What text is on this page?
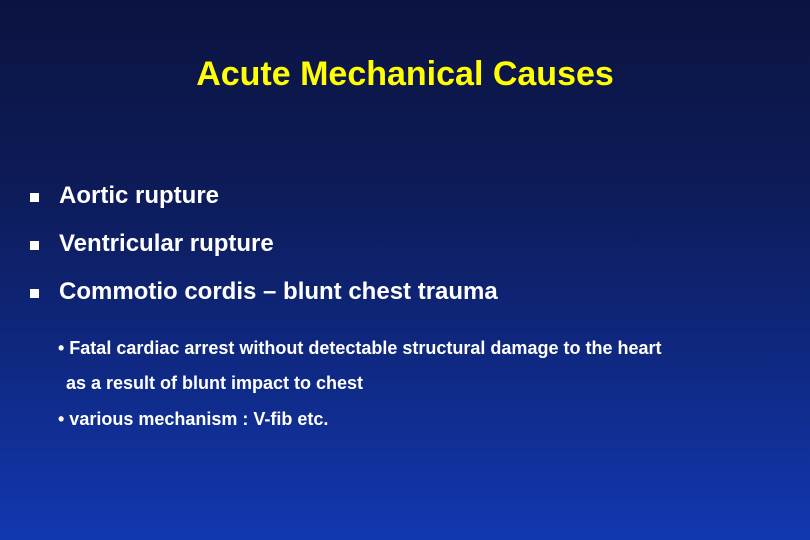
Acute Mechanical Causes
Aortic rupture
Ventricular rupture
Commotio cordis – blunt chest trauma

• Fatal cardiac arrest without detectable structural damage to the heart

as a result of blunt impact to chest

• various mechanism : V-fib etc.
